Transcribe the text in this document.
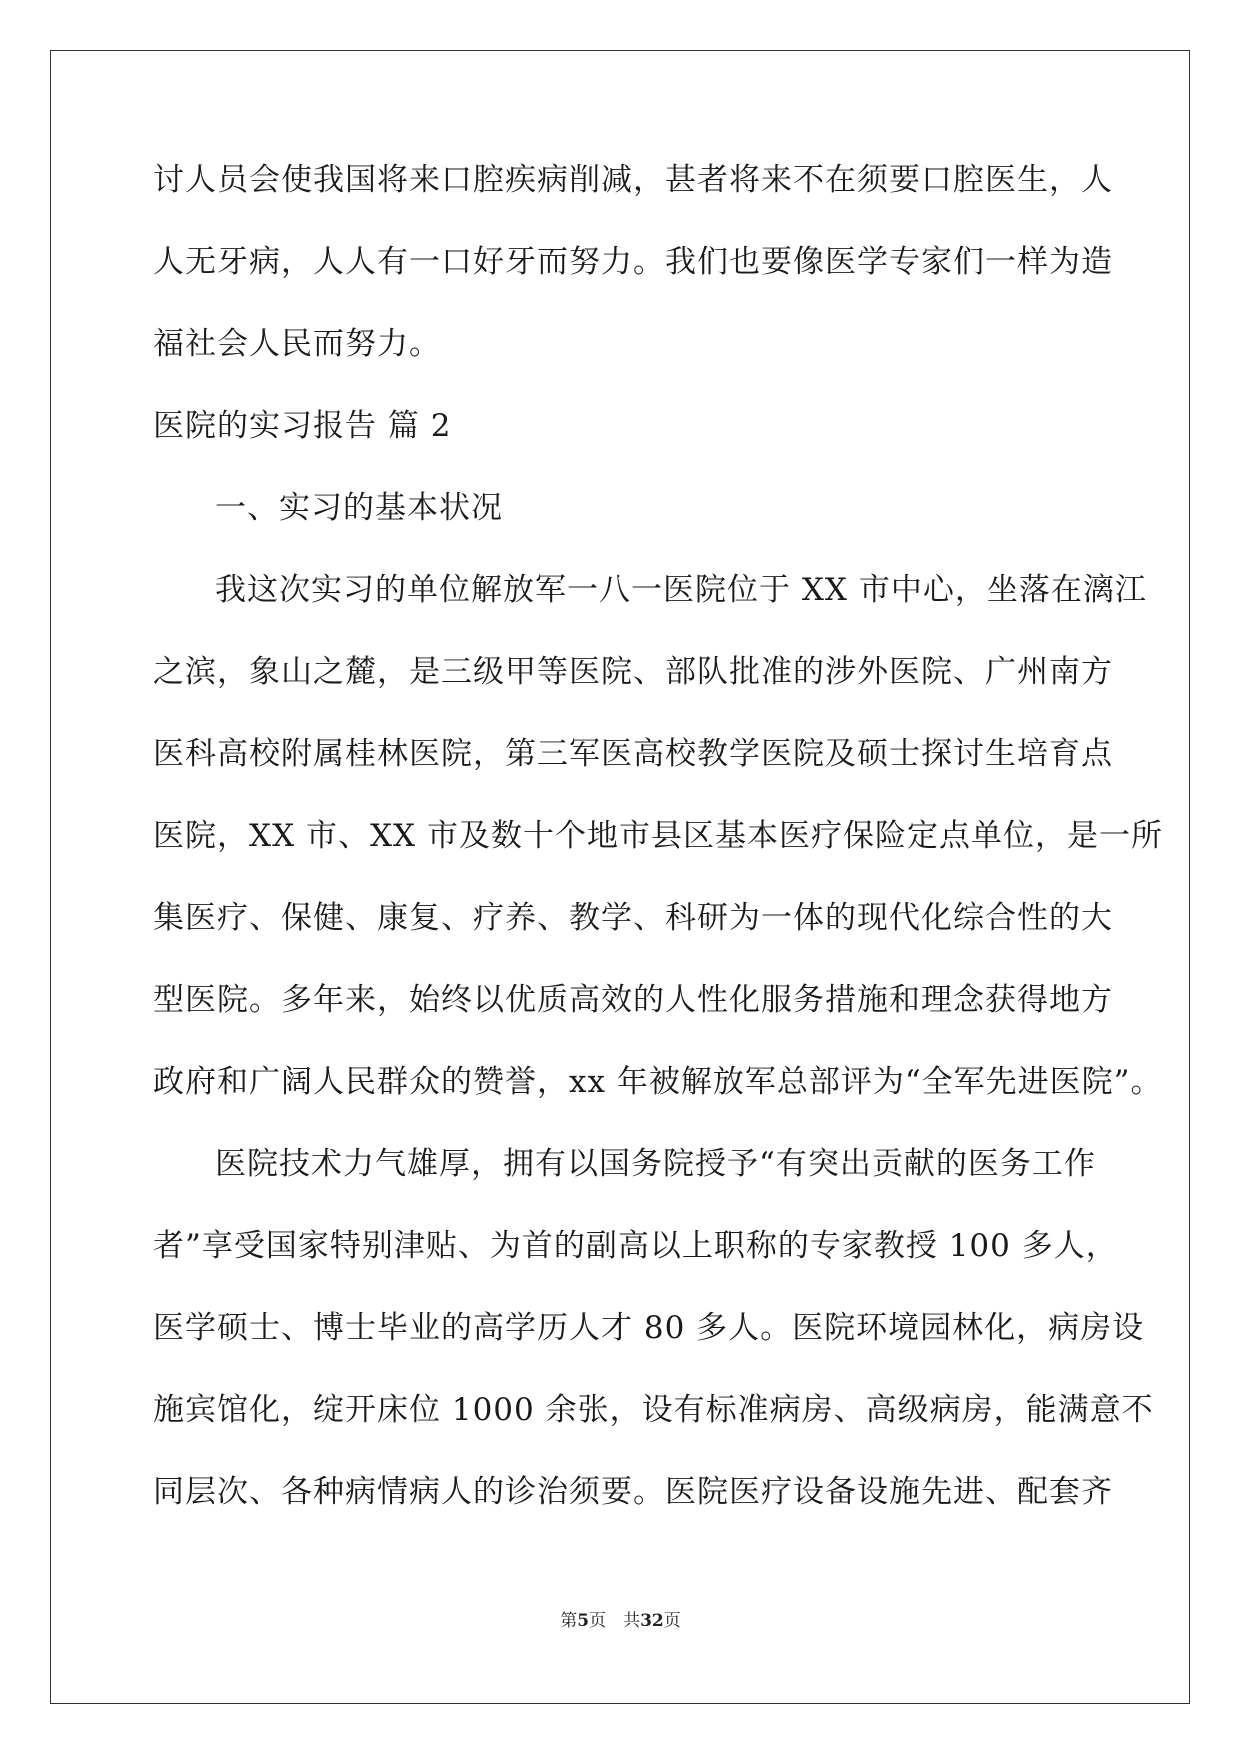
讨人员会使我国将来口腔疾病削减，甚者将来不在须要口腔医生，人
人无牙病，人人有一口好牙而努力。我们也要像医学专家们一样为造
福社会人民而努力。
医院的实习报告 篇 2
一、实习的基本状况
我这次实习的单位解放军一八一医院位于 XX 市中心，坐落在漓江
之滨，象山之麓，是三级甲等医院、部队批准的涉外医院、广州南方
医科高校附属桂林医院，第三军医高校教学医院及硕士探讨生培育点
医院，XX 市、XX 市及数十个地市县区基本医疗保险定点单位，是一所
集医疗、保健、康复、疗养、教学、科研为一体的现代化综合性的大
型医院。多年来，始终以优质高效的人性化服务措施和理念获得地方
政府和广阔人民群众的赞誉，xx 年被解放军总部评为“全军先进医院”。
医院技术力气雄厚，拥有以国务院授予“有突出贡献的医务工作
者”享受国家特别津贴、为首的副高以上职称的专家教授 100 多人，
医学硕士、博士毕业的高学历人才 80 多人。医院环境园林化，病房设
施宾馆化，绽开床位 1000 余张，设有标准病房、高级病房，能满意不
同层次、各种病情病人的诊治须要。医院医疗设备设施先进、配套齐
第5页　共32页
